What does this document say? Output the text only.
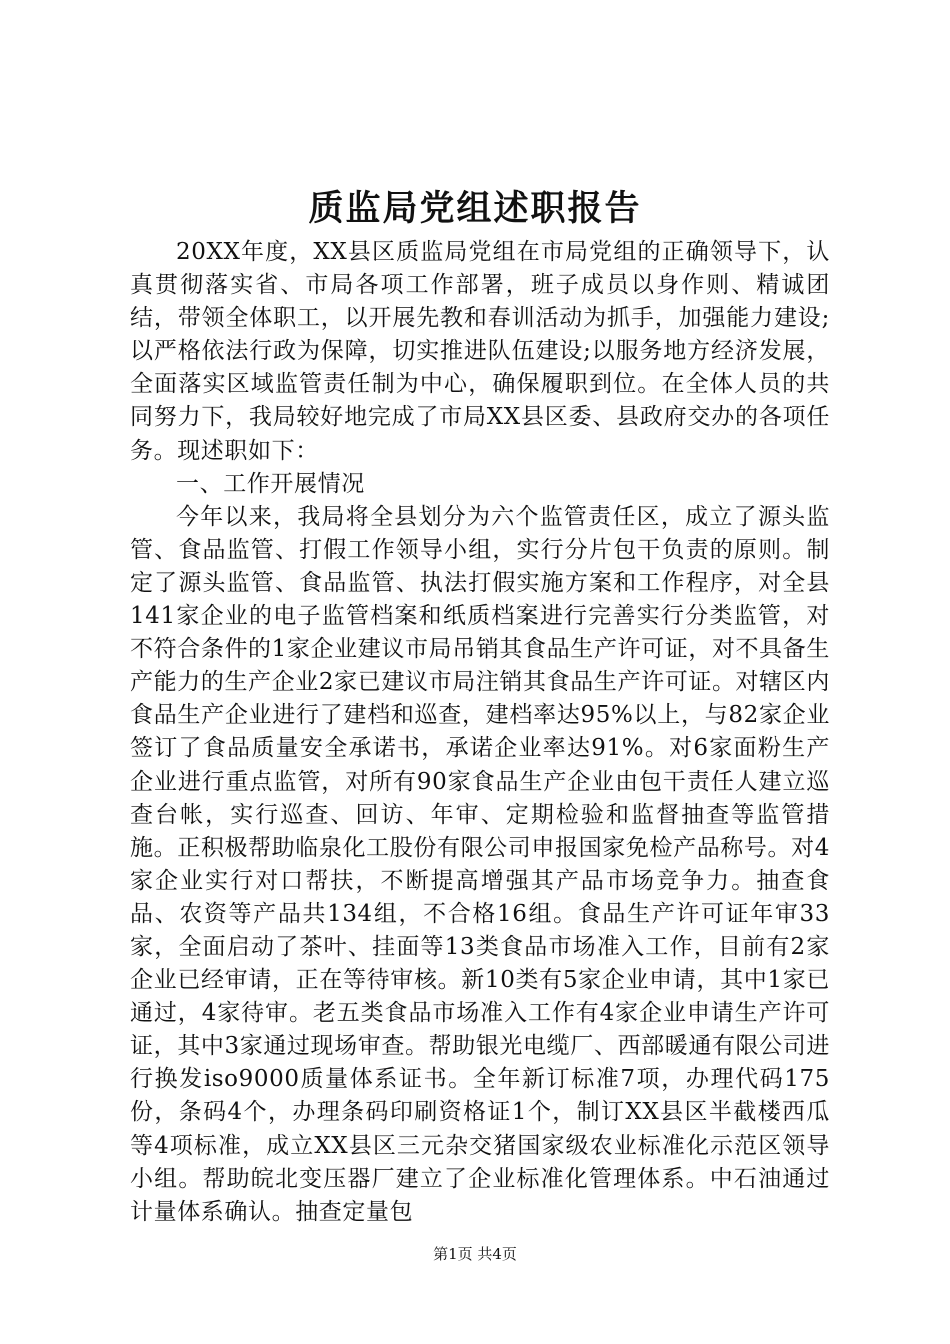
质监局党组述职报告

20XX年度，XX县区质监局党组在市局党组的正确领导下，认真贯彻落实省、市局各项工作部署，班子成员以身作则、精诚团结，带领全体职工，以开展先教和春训活动为抓手，加强能力建设;以严格依法行政为保障，切实推进队伍建设;以服务地方经济发展，全面落实区域监管责任制为中心，确保履职到位。在全体人员的共同努力下，我局较好地完成了市局XX县区委、县政府交办的各项任务。现述职如下：

一、工作开展情况

今年以来，我局将全县划分为六个监管责任区，成立了源头监管、食品监管、打假工作领导小组，实行分片包干负责的原则。制定了源头监管、食品监管、执法打假实施方案和工作程序，对全县141家企业的电子监管档案和纸质档案进行完善实行分类监管，对不符合条件的1家企业建议市局吊销其食品生产许可证，对不具备生产能力的生产企业2家已建议市局注销其食品生产许可证。对辖区内食品生产企业进行了建档和巡查，建档率达95%以上，与82家企业签订了食品质量安全承诺书，承诺企业率达91%。对6家面粉生产企业进行重点监管，对所有90家食品生产企业由包干责任人建立巡查台帐，实行巡查、回访、年审、定期检验和监督抽查等监管措施。正积极帮助临泉化工股份有限公司申报国家免检产品称号。对4家企业实行对口帮扶，不断提高增强其产品市场竞争力。抽查食品、农资等产品共134组，不合格16组。食品生产许可证年审33家，全面启动了茶叶、挂面等13类食品市场准入工作，目前有2家企业已经审请，正在等待审核。新10类有5家企业申请，其中1家已通过，4家待审。老五类食品市场准入工作有4家企业申请生产许可证，其中3家通过现场审查。帮助银光电缆厂、西部暖通有限公司进行换发iso9000质量体系证书。全年新订标准7项，办理代码175份，条码4个，办理条码印刷资格证1个，制订XX县区半截楼西瓜等4项标准，成立XX县区三元杂交猪国家级农业标准化示范区领导小组。帮助皖北变压器厂建立了企业标准化管理体系。中石油通过计量体系确认。抽查定量包

第1页 共4页
